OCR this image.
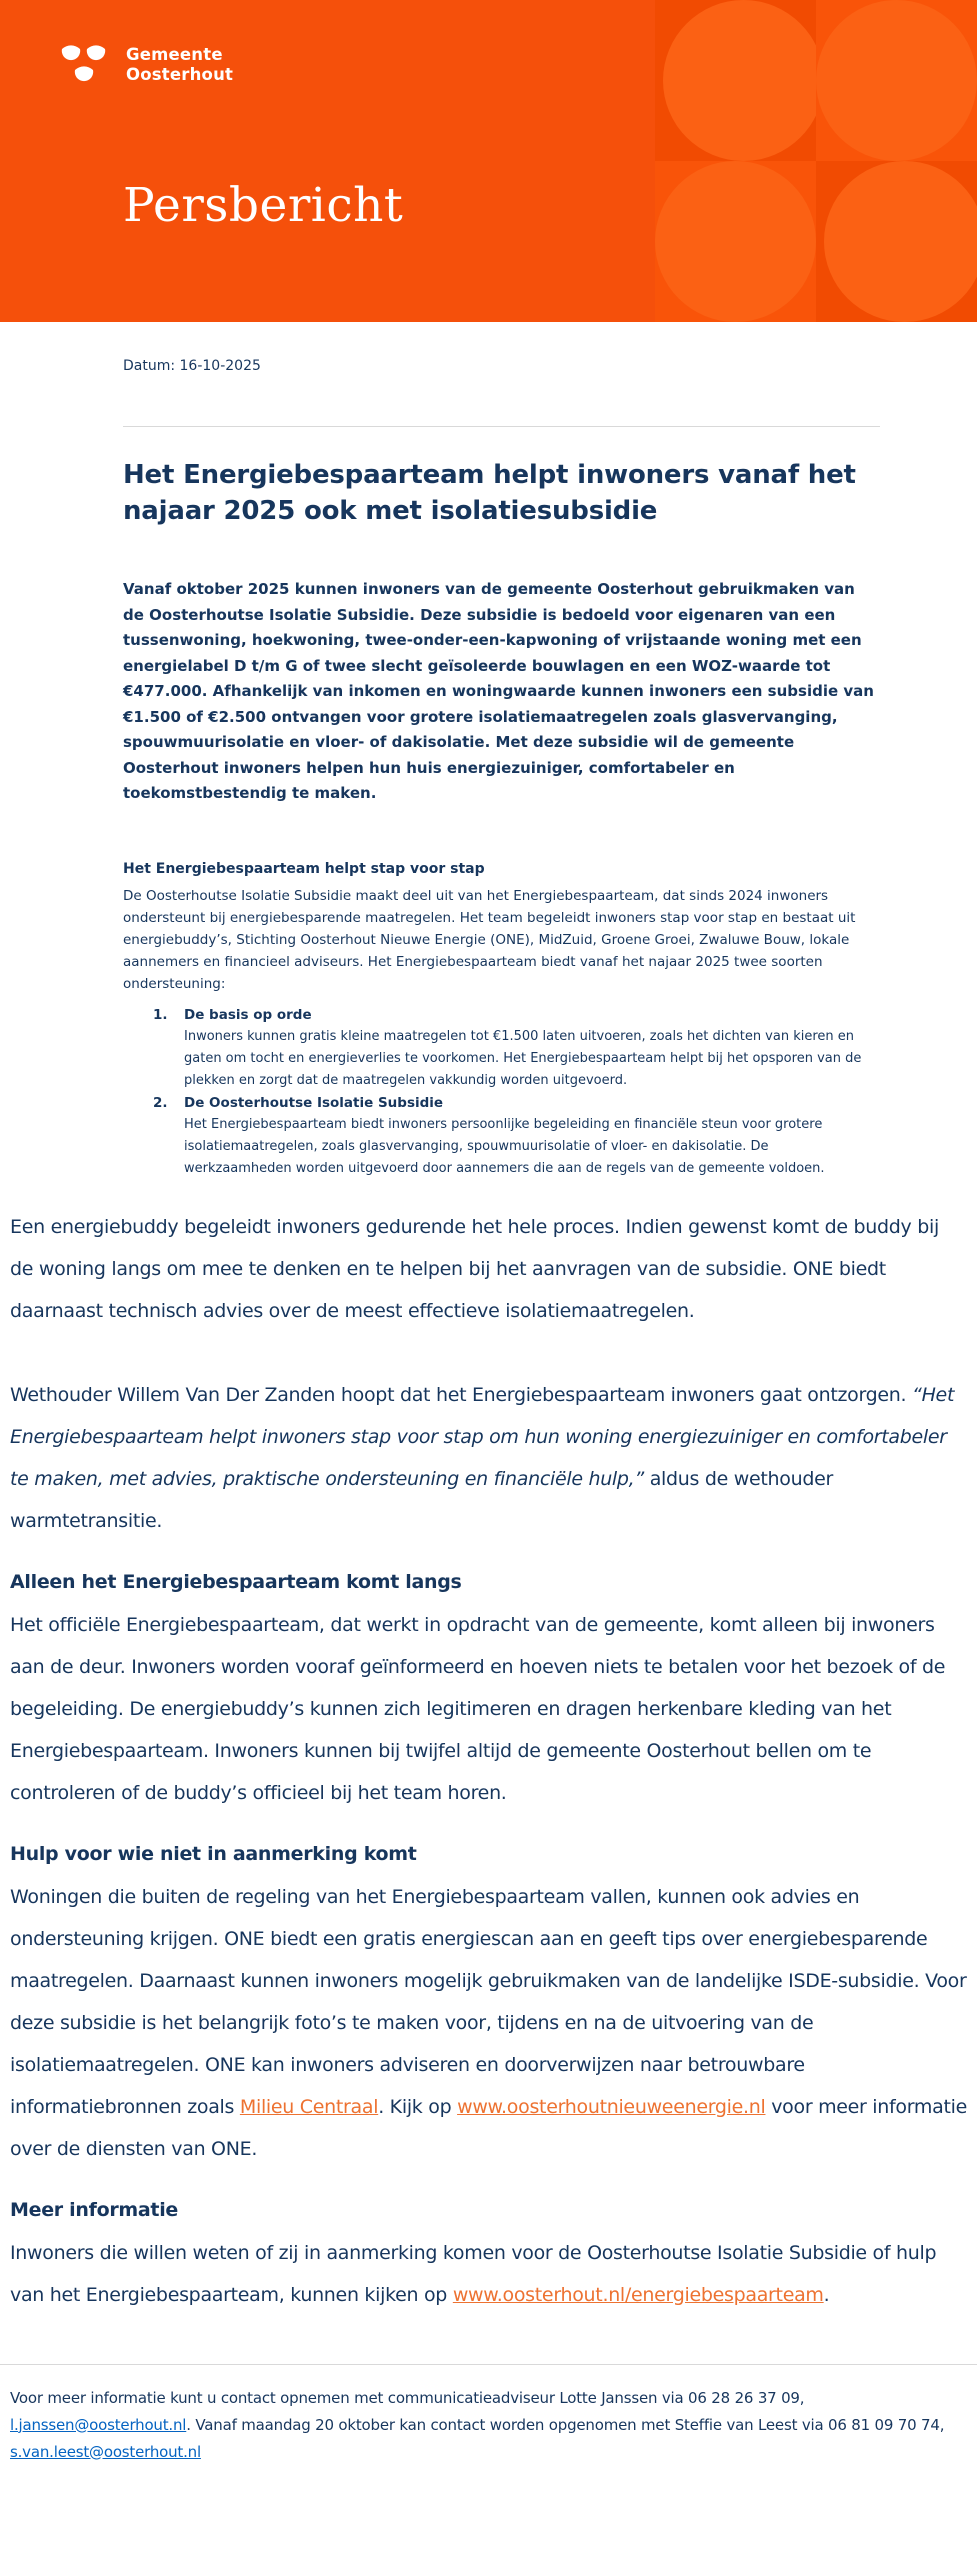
Gemeente
Oosterhout
Persbericht
Datum: 16-10-2025
Het Energiebespaarteam helpt inwoners vanaf het najaar 2025 ook met isolatiesubsidie

Vanaf oktober 2025 kunnen inwoners van de gemeente Oosterhout gebruikmaken van de Oosterhoutse Isolatie Subsidie. Deze subsidie is bedoeld voor eigenaren van een tussenwoning, hoekwoning, twee-onder-een-kapwoning of vrijstaande woning met een energielabel D t/m G of twee slecht geïsoleerde bouwlagen en een WOZ-waarde tot €477.000. Afhankelijk van inkomen en woningwaarde kunnen inwoners een subsidie van €1.500 of €2.500 ontvangen voor grotere isolatiemaatregelen zoals glasvervanging, spouwmuurisolatie en vloer- of dakisolatie. Met deze subsidie wil de gemeente Oosterhout inwoners helpen hun huis energiezuiniger, comfortabeler en toekomstbestendig te maken.

Het Energiebespaarteam helpt stap voor stap

De Oosterhoutse Isolatie Subsidie maakt deel uit van het Energiebespaarteam, dat sinds 2024 inwoners ondersteunt bij energiebesparende maatregelen. Het team begeleidt inwoners stap voor stap en bestaat uit energiebuddy’s, Stichting Oosterhout Nieuwe Energie (ONE), MidZuid, Groene Groei, Zwaluwe Bouw, lokale aannemers en financieel adviseurs. Het Energiebespaarteam biedt vanaf het najaar 2025 twee soorten ondersteuning:

1.	De basis op orde
Inwoners kunnen gratis kleine maatregelen tot €1.500 laten uitvoeren, zoals het dichten van kieren en gaten om tocht en energieverlies te voorkomen. Het Energiebespaarteam helpt bij het opsporen van de plekken en zorgt dat de maatregelen vakkundig worden uitgevoerd.
2.	De Oosterhoutse Isolatie Subsidie
Het Energiebespaarteam biedt inwoners persoonlijke begeleiding en financiële steun voor grotere isolatiemaatregelen, zoals glasvervanging, spouwmuurisolatie of vloer- en dakisolatie. De werkzaamheden worden uitgevoerd door aannemers die aan de regels van de gemeente voldoen.

Een energiebuddy begeleidt inwoners gedurende het hele proces. Indien gewenst komt de buddy bij de woning langs om mee te denken en te helpen bij het aanvragen van de subsidie. ONE biedt daarnaast technisch advies over de meest effectieve isolatiemaatregelen.

Wethouder Willem Van Der Zanden hoopt dat het Energiebespaarteam inwoners gaat ontzorgen. “Het Energiebespaarteam helpt inwoners stap voor stap om hun woning energiezuiniger en comfortabeler te maken, met advies, praktische ondersteuning en financiële hulp,” aldus de wethouder warmtetransitie.

Alleen het Energiebespaarteam komt langs

Het officiële Energiebespaarteam, dat werkt in opdracht van de gemeente, komt alleen bij inwoners aan de deur. Inwoners worden vooraf geïnformeerd en hoeven niets te betalen voor het bezoek of de begeleiding. De energiebuddy’s kunnen zich legitimeren en dragen herkenbare kleding van het Energiebespaarteam. Inwoners kunnen bij twijfel altijd de gemeente Oosterhout bellen om te controleren of de buddy’s officieel bij het team horen.

Hulp voor wie niet in aanmerking komt

Woningen die buiten de regeling van het Energiebespaarteam vallen, kunnen ook advies en ondersteuning krijgen. ONE biedt een gratis energiescan aan en geeft tips over energiebesparende maatregelen. Daarnaast kunnen inwoners mogelijk gebruikmaken van de landelijke ISDE-subsidie. Voor deze subsidie is het belangrijk foto’s te maken voor, tijdens en na de uitvoering van de isolatiemaatregelen. ONE kan inwoners adviseren en doorverwijzen naar betrouwbare informatiebronnen zoals Milieu Centraal. Kijk op www.oosterhoutnieuweenergie.nl voor meer informatie over de diensten van ONE.

Meer informatie

Inwoners die willen weten of zij in aanmerking komen voor de Oosterhoutse Isolatie Subsidie of hulp van het Energiebespaarteam, kunnen kijken op www.oosterhout.nl/energiebespaarteam.

Voor meer informatie kunt u contact opnemen met communicatieadviseur Lotte Janssen via 06 28 26 37 09, l.janssen@oosterhout.nl. Vanaf maandag 20 oktober kan contact worden opgenomen met Steffie van Leest via 06 81 09 70 74, s.van.leest@oosterhout.nl
